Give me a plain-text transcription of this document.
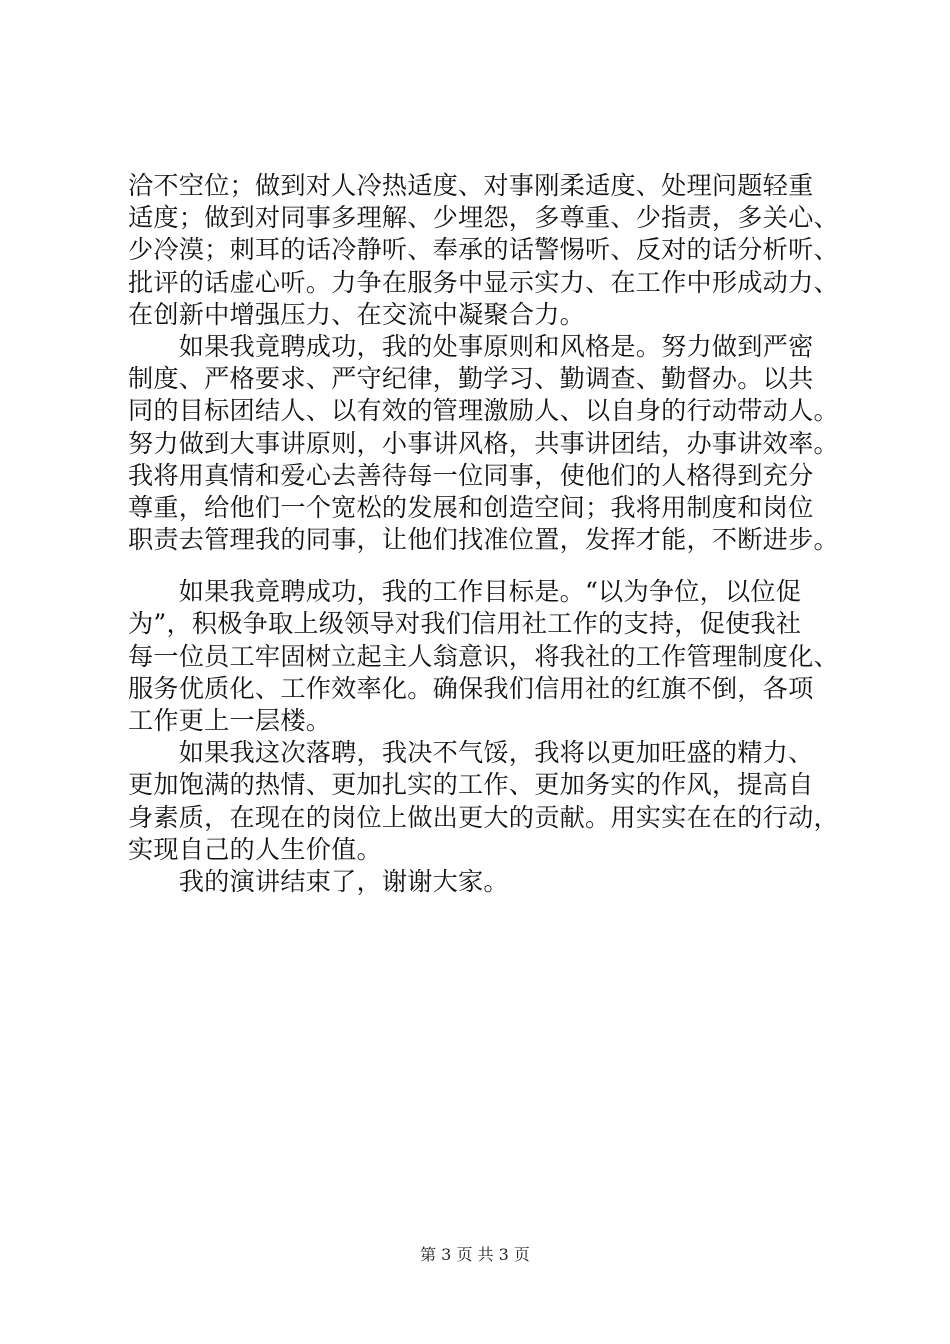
洽不空位；做到对人冷热适度、对事刚柔适度、处理问题轻重
适度；做到对同事多理解、少埋怨，多尊重、少指责，多关心、
少冷漠；刺耳的话冷静听、奉承的话警惕听、反对的话分析听、
批评的话虚心听。力争在服务中显示实力、在工作中形成动力、
在创新中增强压力、在交流中凝聚合力。
　　如果我竟聘成功，我的处事原则和风格是。努力做到严密
制度、严格要求、严守纪律，勤学习、勤调查、勤督办。以共
同的目标团结人、以有效的管理激励人、以自身的行动带动人。
努力做到大事讲原则，小事讲风格，共事讲团结，办事讲效率。
我将用真情和爱心去善待每一位同事，使他们的人格得到充分
尊重，给他们一个宽松的发展和创造空间；我将用制度和岗位
职责去管理我的同事，让他们找准位置，发挥才能，不断进步。
　　如果我竟聘成功，我的工作目标是。“以为争位，以位促
为”，积极争取上级领导对我们信用社工作的支持，促使我社
每一位员工牢固树立起主人翁意识，将我社的工作管理制度化、
服务优质化、工作效率化。确保我们信用社的红旗不倒，各项
工作更上一层楼。
　　如果我这次落聘，我决不气馁，我将以更加旺盛的精力、
更加饱满的热情、更加扎实的工作、更加务实的作风，提高自
身素质，在现在的岗位上做出更大的贡献。用实实在在的行动，
实现自己的人生价值。
　　我的演讲结束了，谢谢大家。
第 3 页 共 3 页
